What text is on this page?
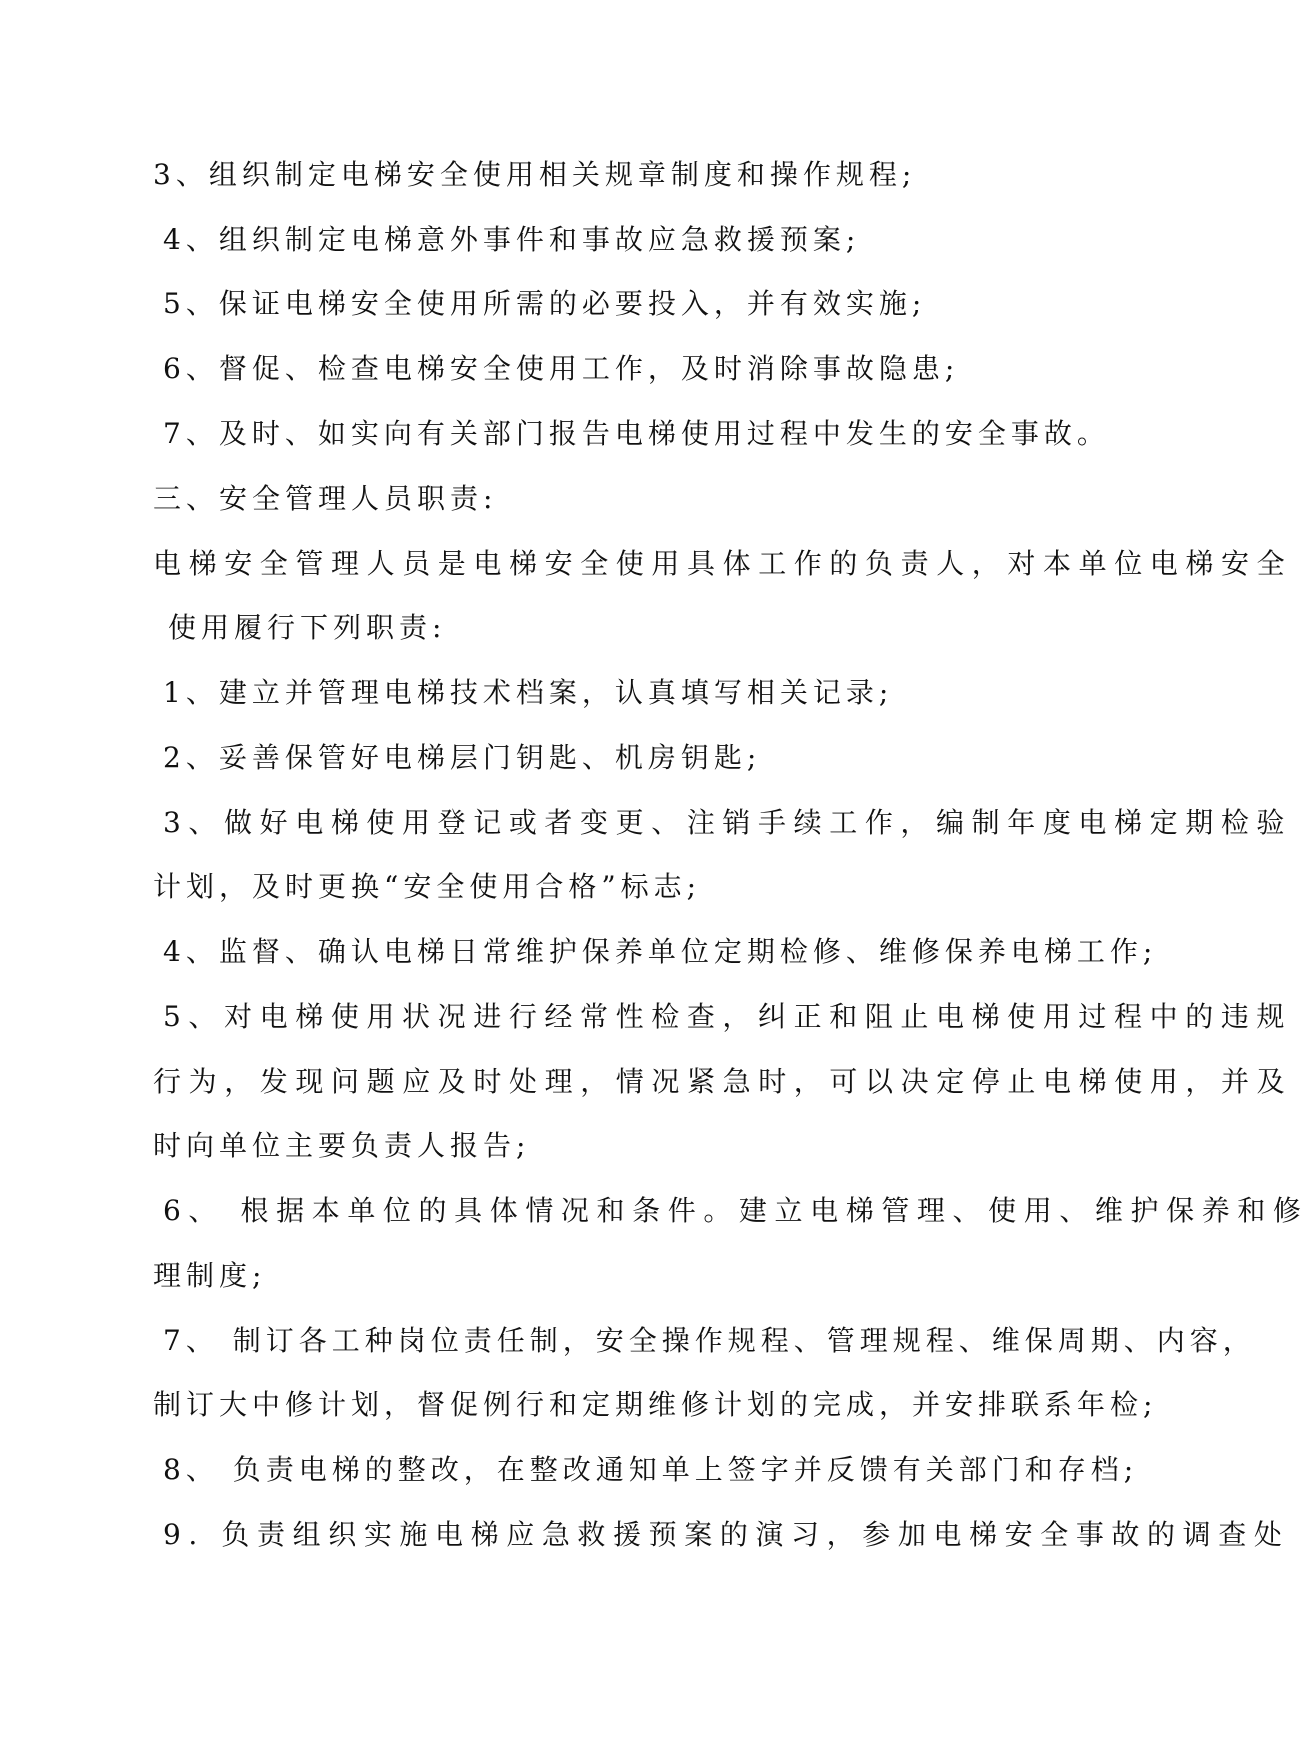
3、组织制定电梯安全使用相关规章制度和操作规程;
4、组织制定电梯意外事件和事故应急救援预案;
5、保证电梯安全使用所需的必要投入，并有效实施;
6、督促、检查电梯安全使用工作，及时消除事故隐患;
7、及时、如实向有关部门报告电梯使用过程中发生的安全事故。
三、安全管理人员职责:
电梯安全管理人员是电梯安全使用具体工作的负责人，对本单位电梯安全
使用履行下列职责:
1、建立并管理电梯技术档案，认真填写相关记录;
2、妥善保管好电梯层门钥匙、机房钥匙;
3、做好电梯使用登记或者变更、注销手续工作，编制年度电梯定期检验
计划，及时更换“安全使用合格”标志;
4、监督、确认电梯日常维护保养单位定期检修、维修保养电梯工作;
5、对电梯使用状况进行经常性检查，纠正和阻止电梯使用过程中的违规
行为，发现问题应及时处理，情况紧急时，可以决定停止电梯使用，并及
时向单位主要负责人报告;
6、 根据本单位的具体情况和条件。建立电梯管理、使用、维护保养和修
理制度;
7、 制订各工种岗位责任制，安全操作规程、管理规程、维保周期、内容，
制订大中修计划，督促例行和定期维修计划的完成，并安排联系年检;
8、 负责电梯的整改，在整改通知单上签字并反馈有关部门和存档;
9. 负责组织实施电梯应急救援预案的演习，参加电梯安全事故的调查处
